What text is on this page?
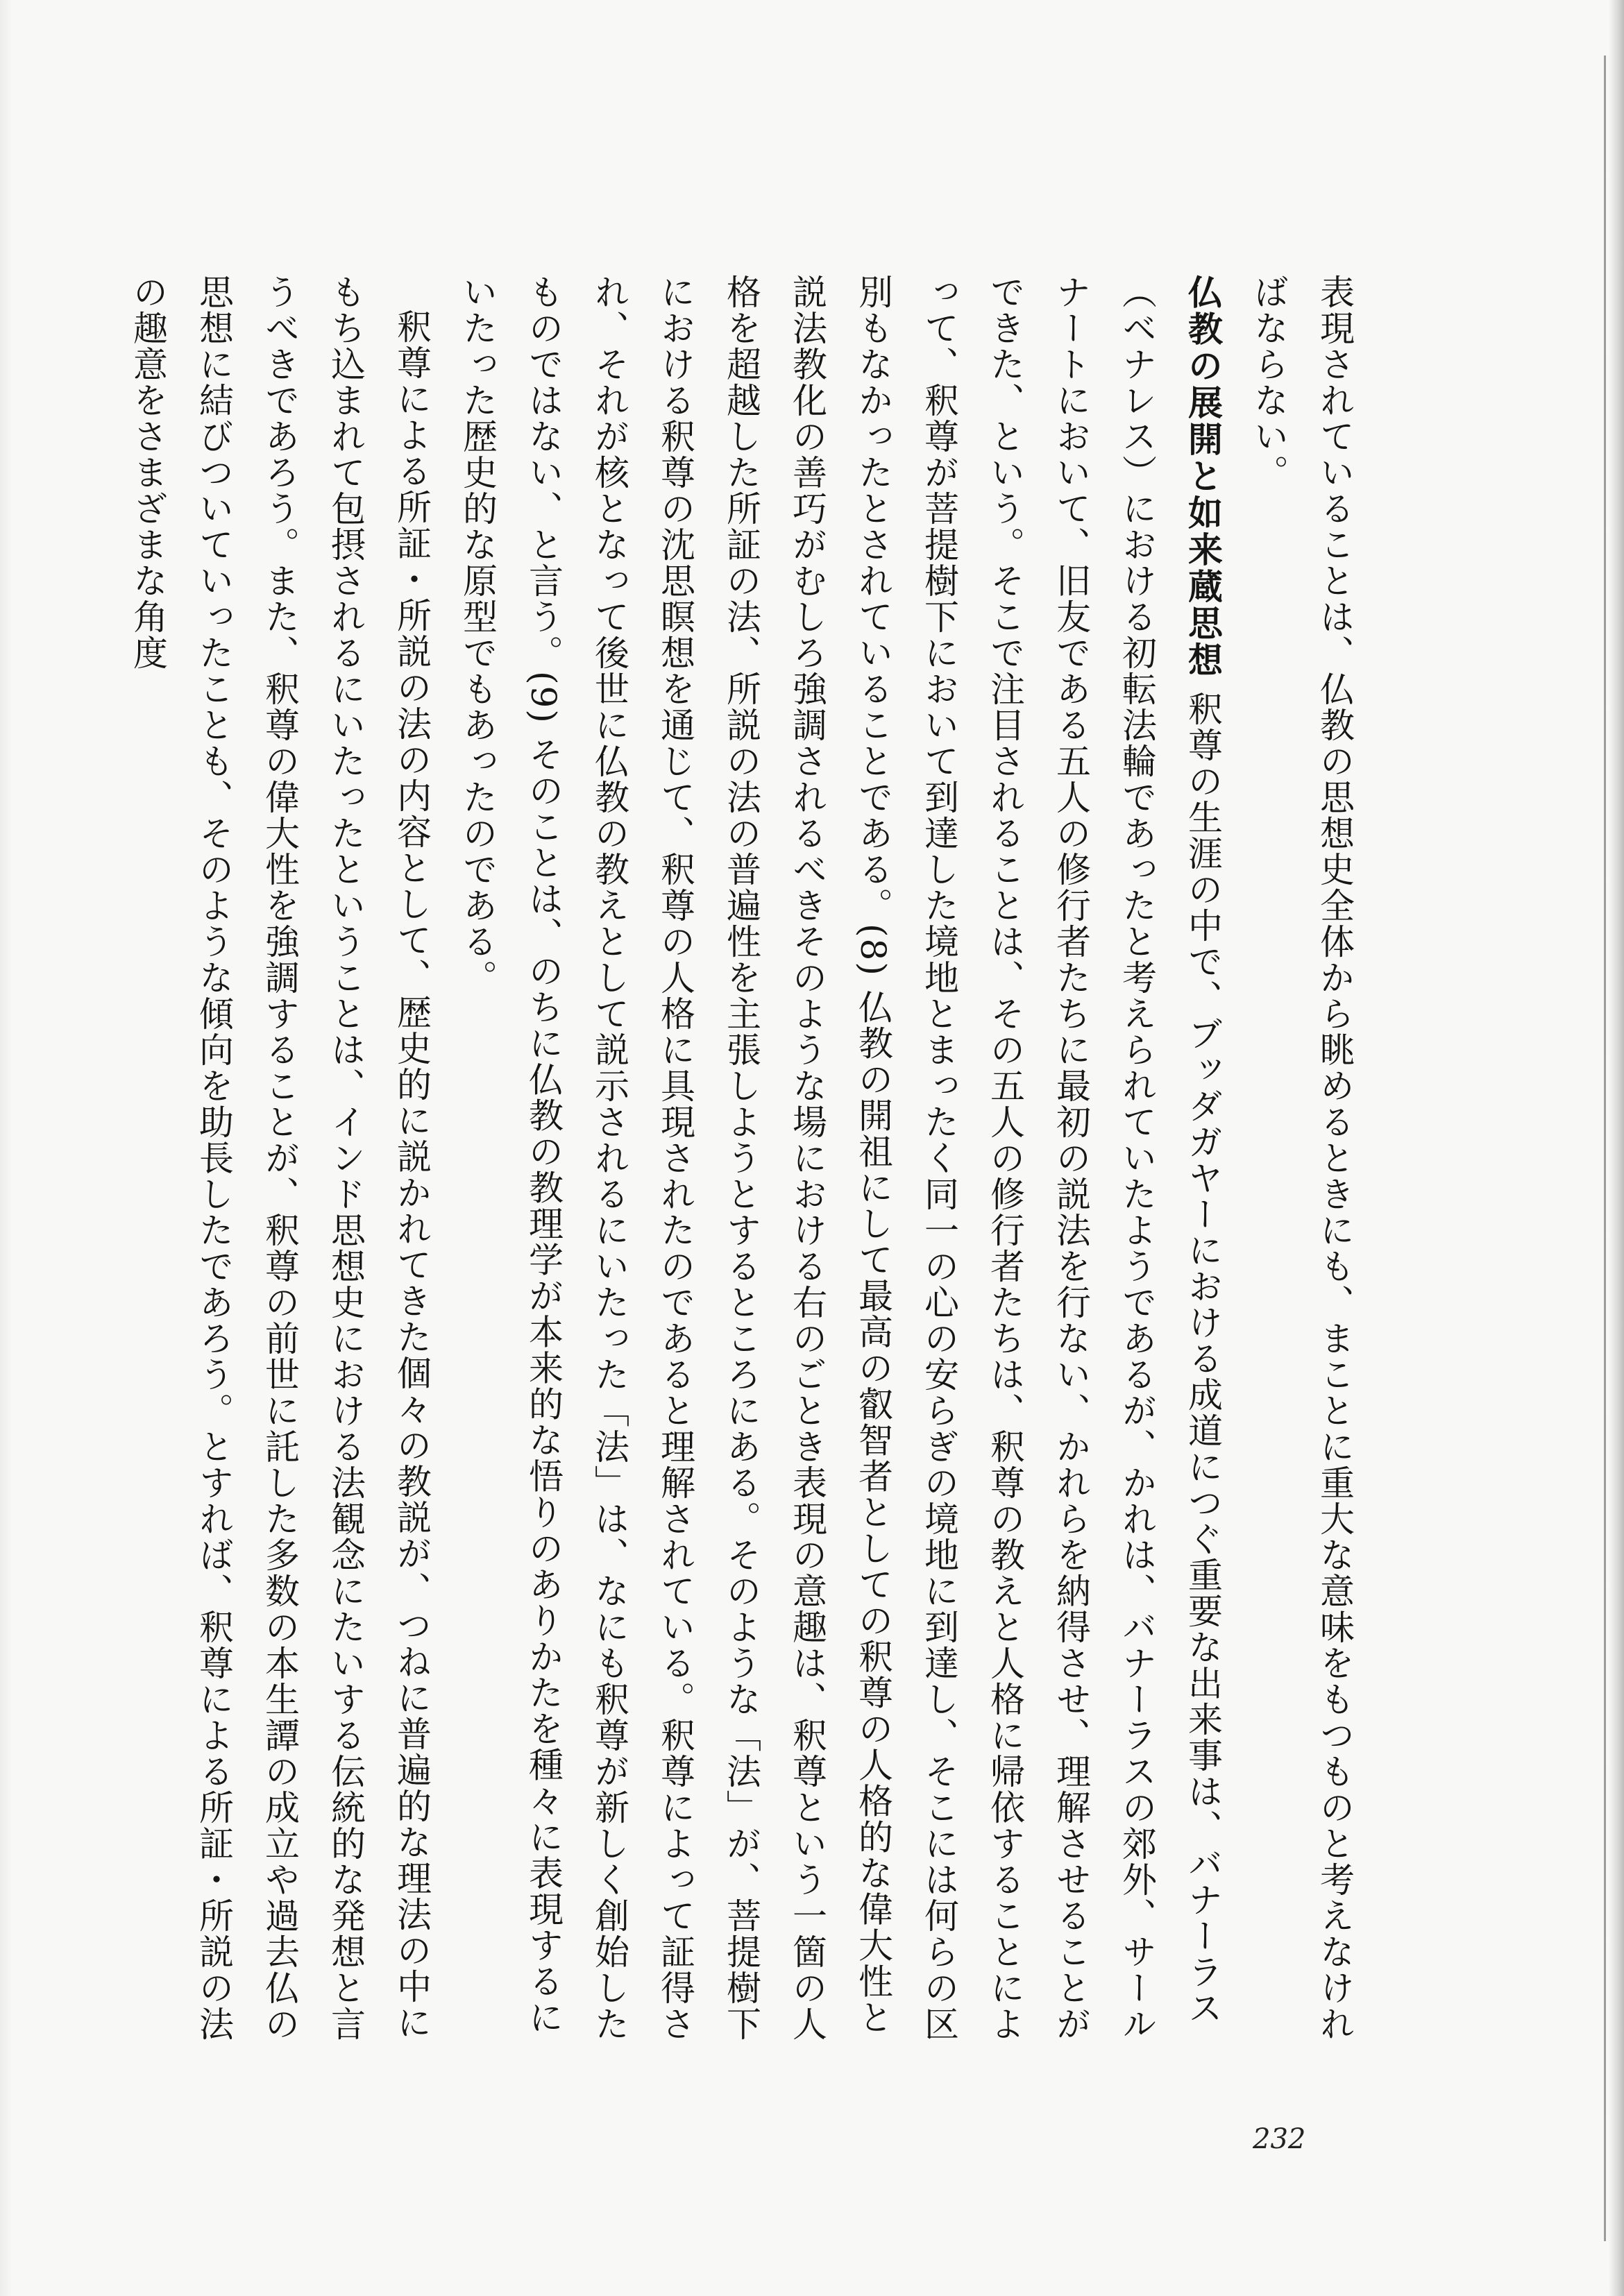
表現されていることは、仏教の思想史全体から眺めるときにも、まことに重大な意味をもつものと考えなければならない。

仏教の展開と如来蔵思想釈尊の生涯の中で、ブッダガヤーにおける成道につぐ重要な出来事は、バナーラス（ベナレス）における初転法輪であったと考えられていたようであるが、かれは、バナーラスの郊外、サールナートにおいて、旧友である五人の修行者たちに最初の説法を行ない、かれらを納得させ、理解させることができた、という。そこで注目されることは、その五人の修行者たちは、釈尊の教えと人格に帰依することによって、釈尊が菩提樹下において到達した境地とまったく同一の心の安らぎの境地に到達し、そこには何らの区別もなかったとされていることである。(8) 仏教の開祖にして最高の叡智者としての釈尊の人格的な偉大性と説法教化の善巧がむしろ強調されるべきそのような場における右のごとき表現の意趣は、釈尊という一箇の人格を超越した所証の法、所説の法の普遍性を主張しようとするところにある。そのような「法」が、菩提樹下における釈尊の沈思瞑想を通じて、釈尊の人格に具現されたのであると理解されている。釈尊によって証得され、それが核となって後世に仏教の教えとして説示されるにいたった「法」は、なにも釈尊が新しく創始したものではない、と言う。(9) そのことは、のちに仏教の教理学が本来的な悟りのありかたを種々に表現するにいたった歴史的な原型でもあったのである。

釈尊による所証・所説の法の内容として、歴史的に説かれてきた個々の教説が、つねに普遍的な理法の中にもち込まれて包摂されるにいたったということは、インド思想史における法観念にたいする伝統的な発想と言うべきであろう。また、釈尊の偉大性を強調することが、釈尊の前世に託した多数の本生譚の成立や過去仏の思想に結びついていったことも、そのような傾向を助長したであろう。とすれば、釈尊による所証・所説の法の趣意をさまざまな角度

232
